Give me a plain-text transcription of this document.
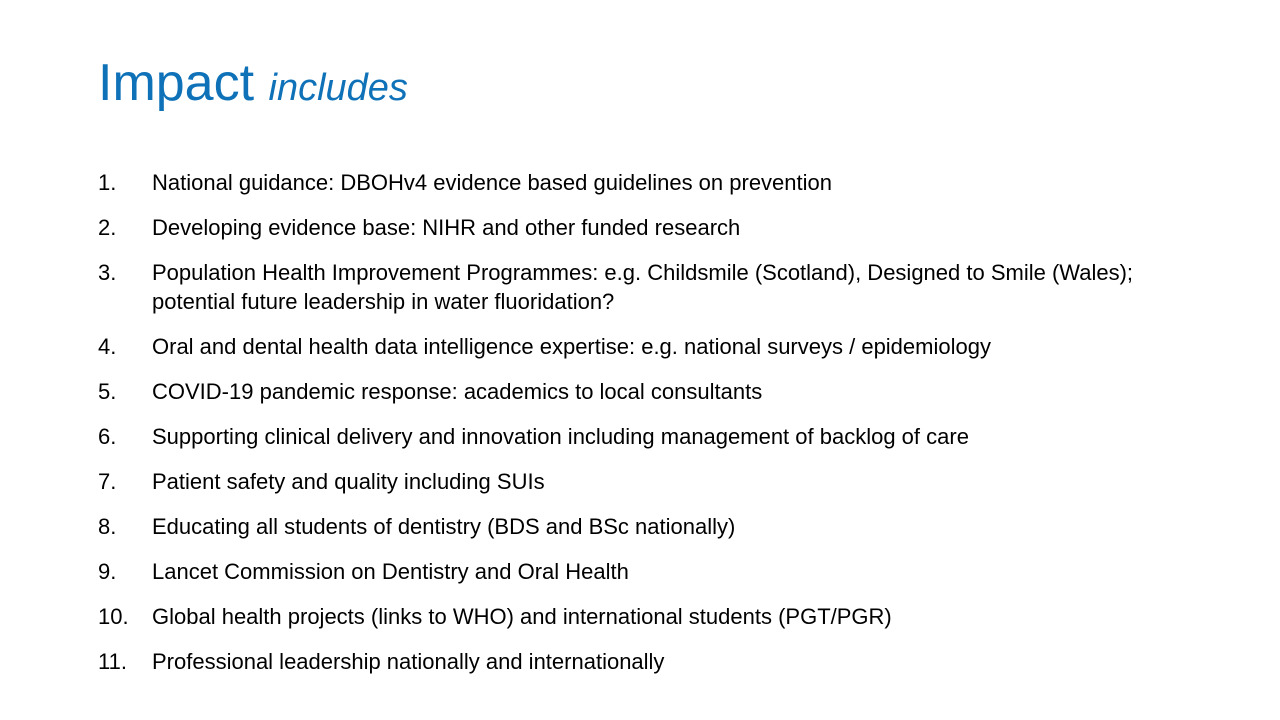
Impact includes
1.	National guidance: DBOHv4 evidence based guidelines on prevention
2.	Developing evidence base: NIHR and other funded research
3.	Population Health Improvement Programmes: e.g. Childsmile (Scotland), Designed to Smile (Wales); potential future leadership in water fluoridation?
4.	Oral and dental health data intelligence expertise: e.g. national surveys / epidemiology
5.	COVID-19 pandemic response: academics to local consultants
6.	Supporting clinical delivery and innovation including management of backlog of care
7.	Patient safety and quality including SUIs
8.	Educating all students of dentistry (BDS and BSc nationally)
9.	Lancet Commission on Dentistry and Oral Health
10.	Global health projects (links to WHO) and international students (PGT/PGR)
11.	Professional leadership nationally and internationally
